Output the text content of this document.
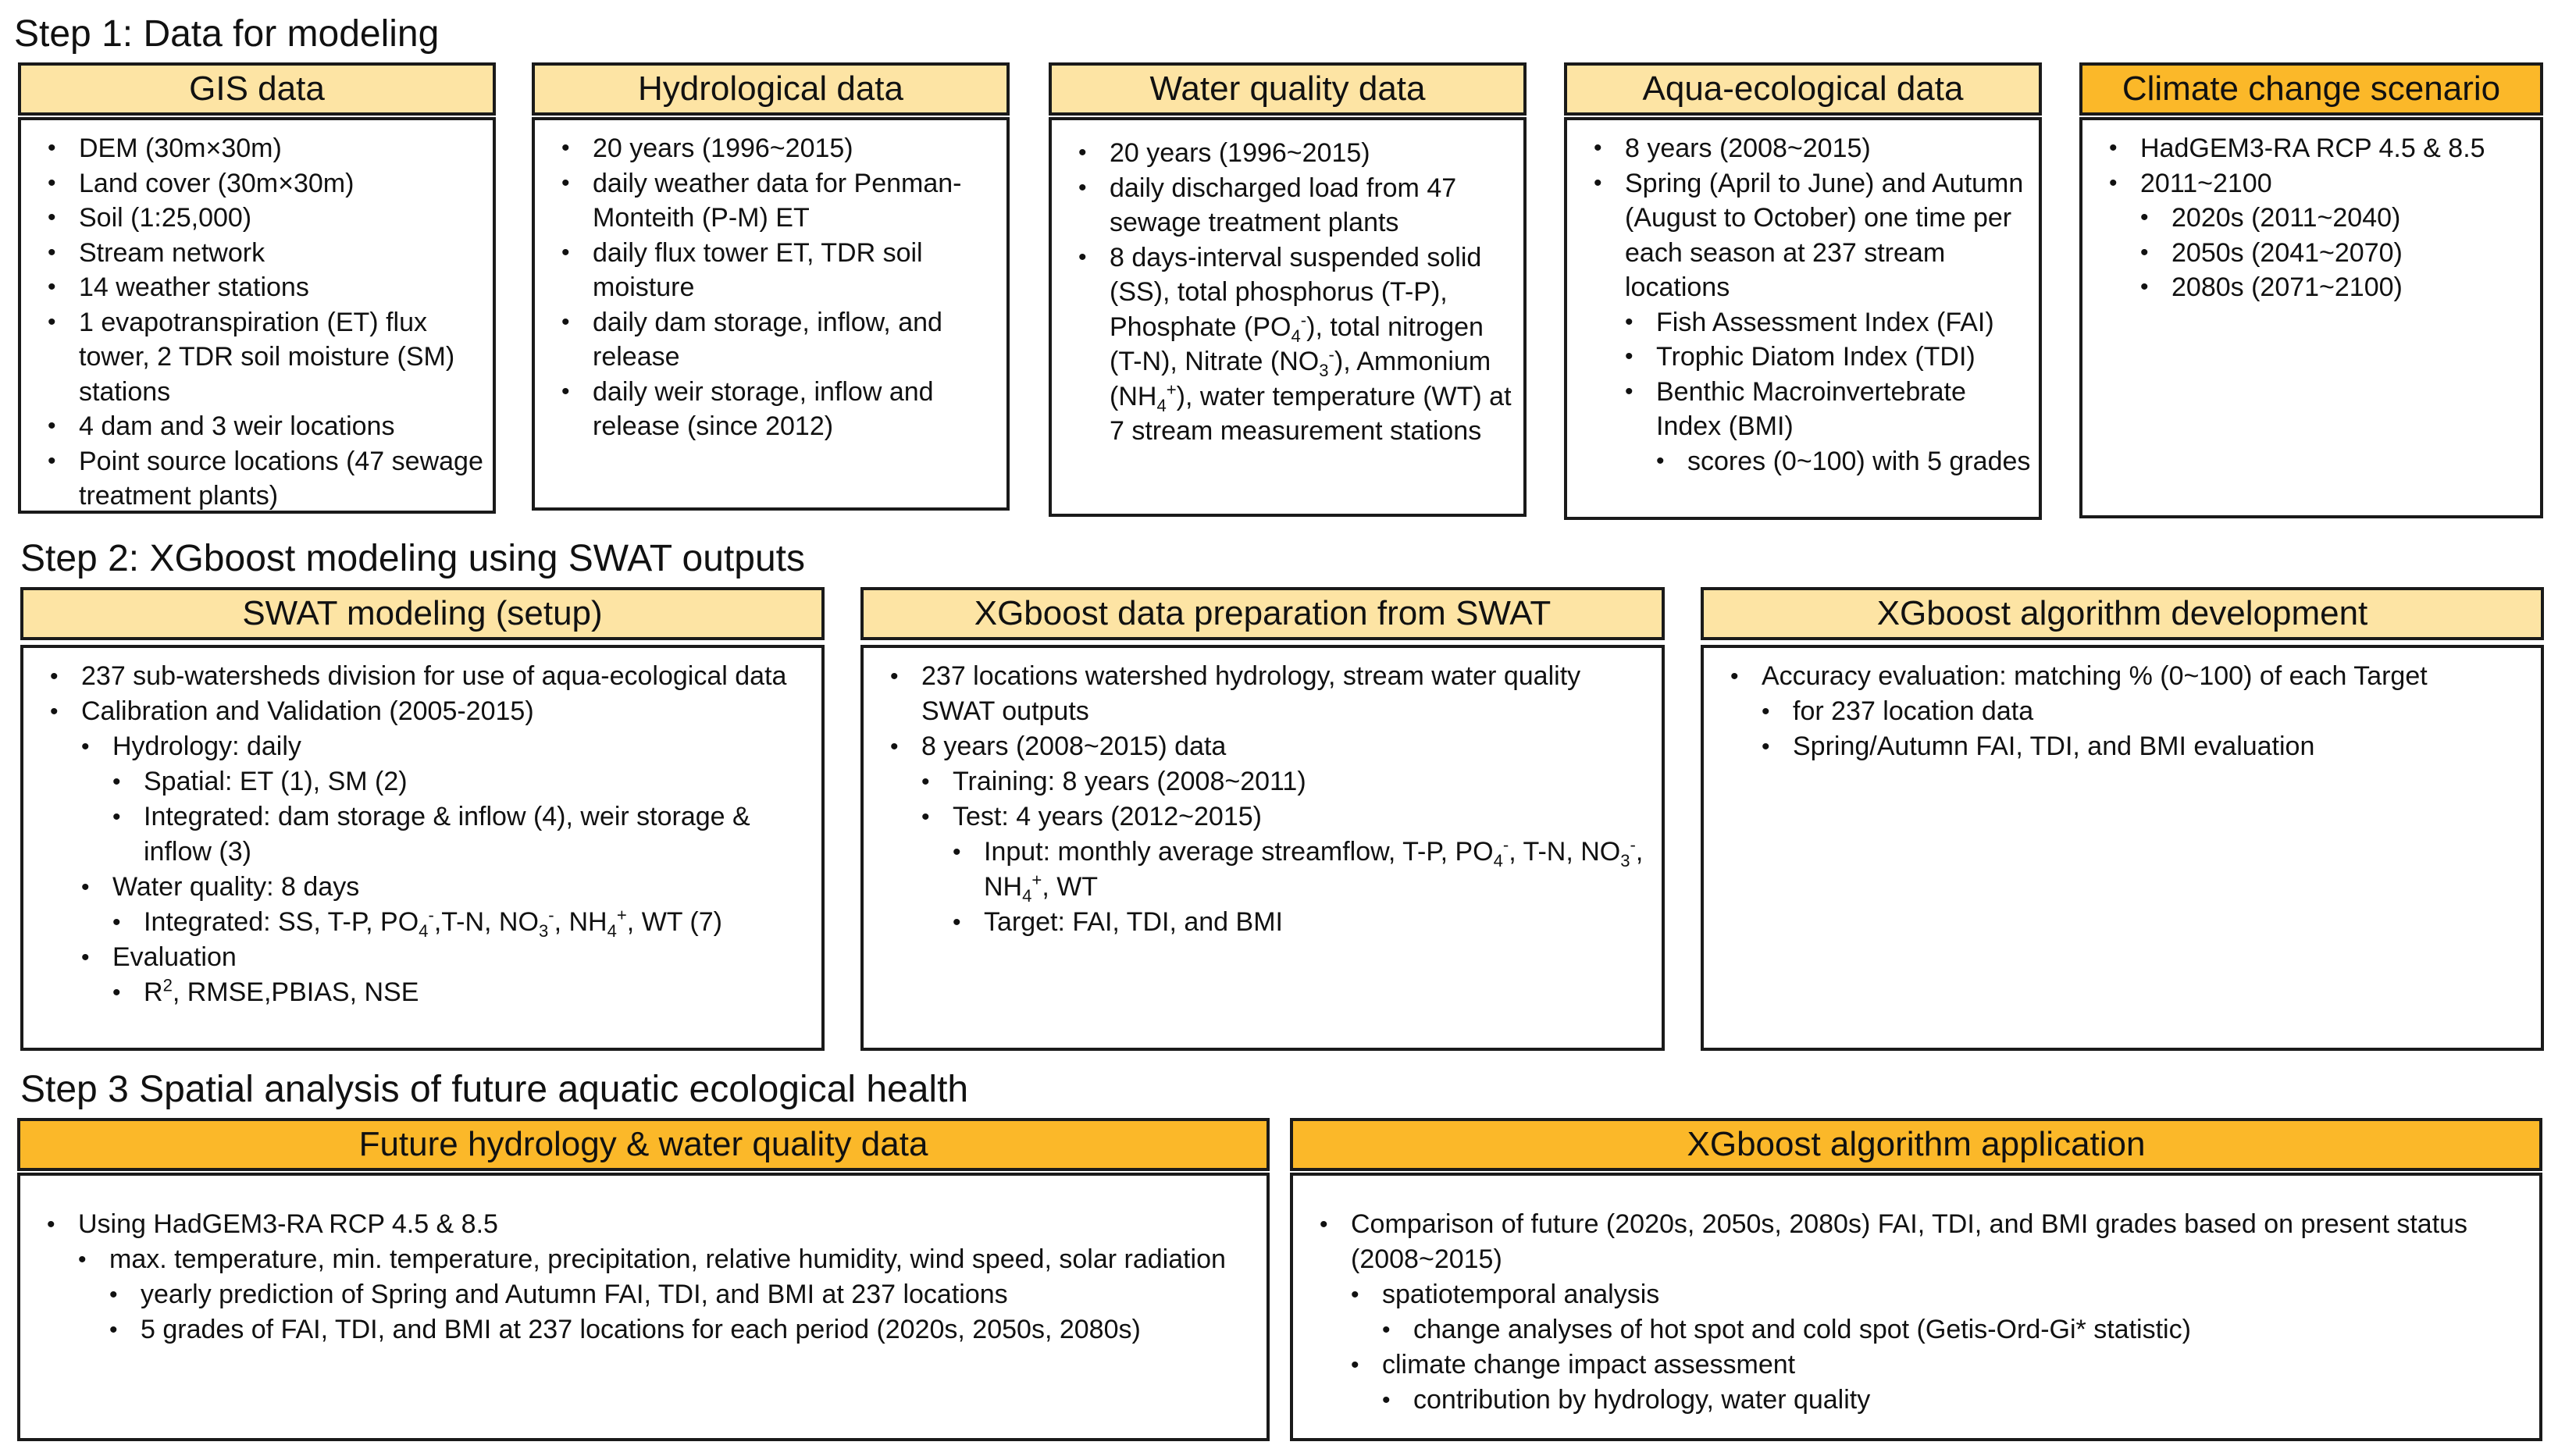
Step 1: Data for modeling
GIS data
• DEM (30m×30m)
• Land cover (30m×30m)
• Soil (1:25,000)
• Stream network
• 14 weather stations
• 1 evapotranspiration (ET) flux tower, 2 TDR soil moisture (SM) stations
• 4 dam and 3 weir locations
• Point source locations (47 sewage treatment plants)
Hydrological data
• 20 years (1996~2015)
• daily weather data for Penman-Monteith (P-M) ET
• daily flux tower ET, TDR soil moisture
• daily dam storage, inflow, and release
• daily weir storage, inflow and release (since 2012)
Water quality data
• 20 years (1996~2015)
• daily discharged load from 47 sewage treatment plants
• 8 days-interval suspended solid (SS), total phosphorus (T-P), Phosphate $(PO_4^-)$, total nitrogen (T-N), Nitrate $(NO_3^-)$, Ammonium $(NH_4^+)$, water temperature (WT) at 7 stream measurement stations
Aqua-ecological data
• 8 years (2008~2015)
• Spring (April to June) and Autumn (August to October) one time per each season at 237 stream locations
• Fish Assessment Index (FAI)
• Trophic Diatom Index (TDI)
• Benthic Macroinvertebrate Index (BMI)
• scores (0~100) with 5 grades
Climate change scenario
• HadGEM3-RA RCP 4.5 & 8.5
• 2011~2100
• 2020s (2011~2040)
• 2050s (2041~2070)
• 2080s (2071~2100)
Step 2: XGboost modeling using SWAT outputs
SWAT modeling (setup)
• 237 sub-watersheds division for use of aqua-ecological data
• Calibration and Validation (2005-2015)
• Hydrology: daily
• Spatial: ET (1), SM (2)
• Integrated: dam storage & inflow (4), weir storage & inflow (3)
• Water quality: 8 days
• Integrated: SS, T-P, $PO_4^-,T-N$, $NO_3^-$, $NH_4^+$, WT (7)
• Evaluation
• $R^2$, RMSE,PBIAS, NSE
XGboost data preparation from SWAT
• 237 locations watershed hydrology, stream water quality SWAT outputs
• 8 years (2008~2015) data
• Training: 8 years (2008~2011)
• Test: 4 years (2012~2015)
• Input: monthly average streamflow, T-P, $PO_4^-$, T-N, $NO_3^-$, $NH_4^+$, WT
• Target: FAI, TDI, and BMI
XGboost algorithm development
• Accuracy evaluation: matching % (0~100) of each Target
• for 237 location data
• Spring/Autumn FAI, TDI, and BMI evaluation
Step 3 Spatial analysis of future aquatic ecological health
Future hydrology & water quality data
• Using HadGEM3-RA RCP 4.5 & 8.5
• max. temperature, min. temperature, precipitation, relative humidity, wind speed, solar radiation
• yearly prediction of Spring and Autumn FAI, TDI, and BMI at 237 locations
• 5 grades of FAI, TDI, and BMI at 237 locations for each period (2020s, 2050s, 2080s)
XGboost algorithm application
• Comparison of future (2020s, 2050s, 2080s) FAI, TDI, and BMI grades based on present status (2008~2015)
• spatiotemporal analysis
• change analyses of hot spot and cold spot (Getis-Ord-Gi* statistic)
• climate change impact assessment
• contribution by hydrology, water quality
